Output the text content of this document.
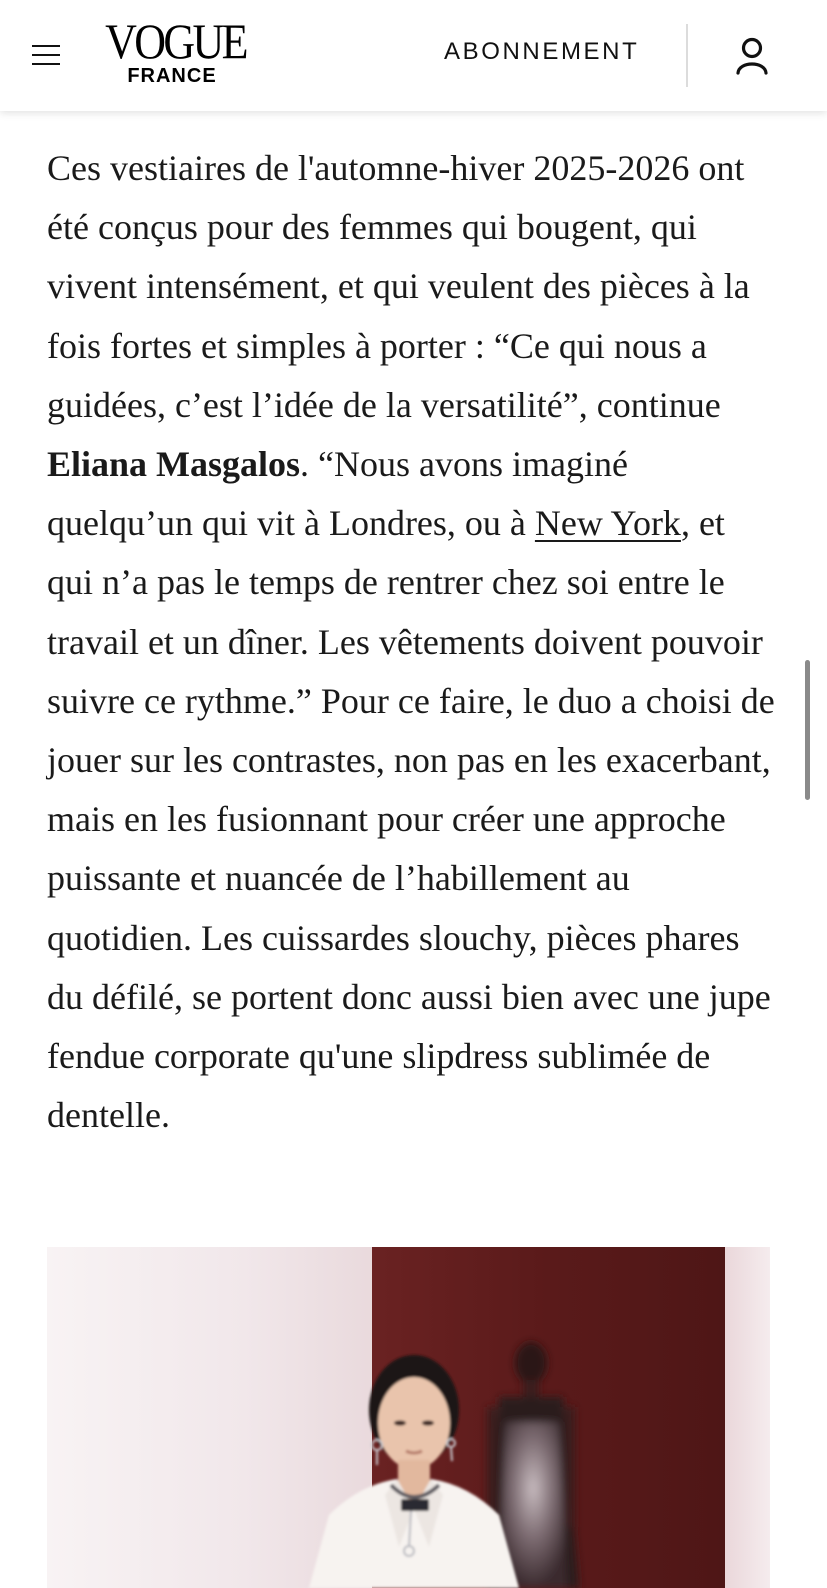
VOGUE
FRANCE
ABONNEMENT

Ces vestiaires de l'automne-hiver 2025-2026 ont été conçus pour des femmes qui bougent, qui vivent intensément, et qui veulent des pièces à la fois fortes et simples à porter : “Ce qui nous a guidées, c’est l’idée de la versatilité”, continue Eliana Masgalos. “Nous avons imaginé quelqu’un qui vit à Londres, ou à New York, et qui n’a pas le temps de rentrer chez soi entre le travail et un dîner. Les vêtements doivent pouvoir suivre ce rythme.” Pour ce faire, le duo a choisi de jouer sur les contrastes, non pas en les exacerbant, mais en les fusionnant pour créer une approche puissante et nuancée de l’habillement au quotidien. Les cuissardes slouchy, pièces phares du défilé, se portent donc aussi bien avec une jupe fendue corporate qu'une slipdress sublimée de dentelle.
